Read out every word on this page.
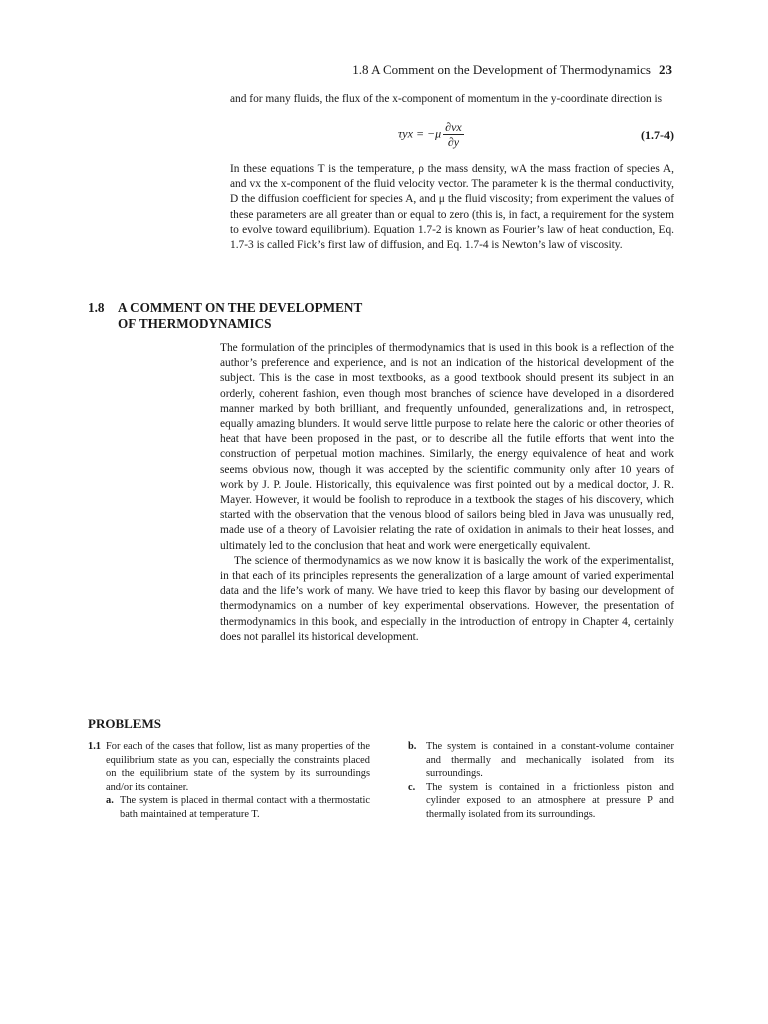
1.8 A Comment on the Development of Thermodynamics 23

and for many fluids, the flux of the x-component of momentum in the y-coordinate direction is

$\tau yx = -\mu \frac{\partial vx}{\partial y}$	(1.7-4)

In these equations T is the temperature, ρ the mass density, wA the mass fraction of species A, and vx the x-component of the fluid velocity vector. The parameter k is the thermal conductivity, D the diffusion coefficient for species A, and μ the fluid viscosity; from experiment the values of these parameters are all greater than or equal to zero (this is, in fact, a requirement for the system to evolve toward equilibrium). Equation 1.7-2 is known as Fourier’s law of heat conduction, Eq. 1.7-3 is called Fick’s first law of diffusion, and Eq. 1.7-4 is Newton’s law of viscosity.

1.8 A COMMENT ON THE DEVELOPMENT
OF THERMODYNAMICS

The formulation of the principles of thermodynamics that is used in this book is a reflection of the author’s preference and experience, and is not an indication of the historical development of the subject. This is the case in most textbooks, as a good textbook should present its subject in an orderly, coherent fashion, even though most branches of science have developed in a disordered manner marked by both brilliant, and frequently unfounded, generalizations and, in retrospect, equally amazing blunders. It would serve little purpose to relate here the caloric or other theories of heat that have been proposed in the past, or to describe all the futile efforts that went into the construction of perpetual motion machines. Similarly, the energy equivalence of heat and work seems obvious now, though it was accepted by the scientific community only after 10 years of work by J. P. Joule. Historically, this equivalence was first pointed out by a medical doctor, J. R. Mayer. However, it would be foolish to reproduce in a textbook the stages of his discovery, which started with the observation that the venous blood of sailors being bled in Java was unusually red, made use of a theory of Lavoisier relating the rate of oxidation in animals to their heat losses, and ultimately led to the conclusion that heat and work were energetically equivalent.

The science of thermodynamics as we now know it is basically the work of the experimentalist, in that each of its principles represents the generalization of a large amount of varied experimental data and the life’s work of many. We have tried to keep this flavor by basing our development of thermodynamics on a number of key experimental observations. However, the presentation of thermodynamics in this book, and especially in the introduction of entropy in Chapter 4, certainly does not parallel its historical development.

PROBLEMS

1.1 For each of the cases that follow, list as many properties of the equilibrium state as you can, especially the constraints placed on the equilibrium state of the system by its surroundings and/or its container.

a. The system is placed in thermal contact with a thermostatic bath maintained at temperature T.

b. The system is contained in a constant-volume container and thermally and mechanically isolated from its surroundings.

c. The system is contained in a frictionless piston and cylinder exposed to an atmosphere at pressure P and thermally isolated from its surroundings.
